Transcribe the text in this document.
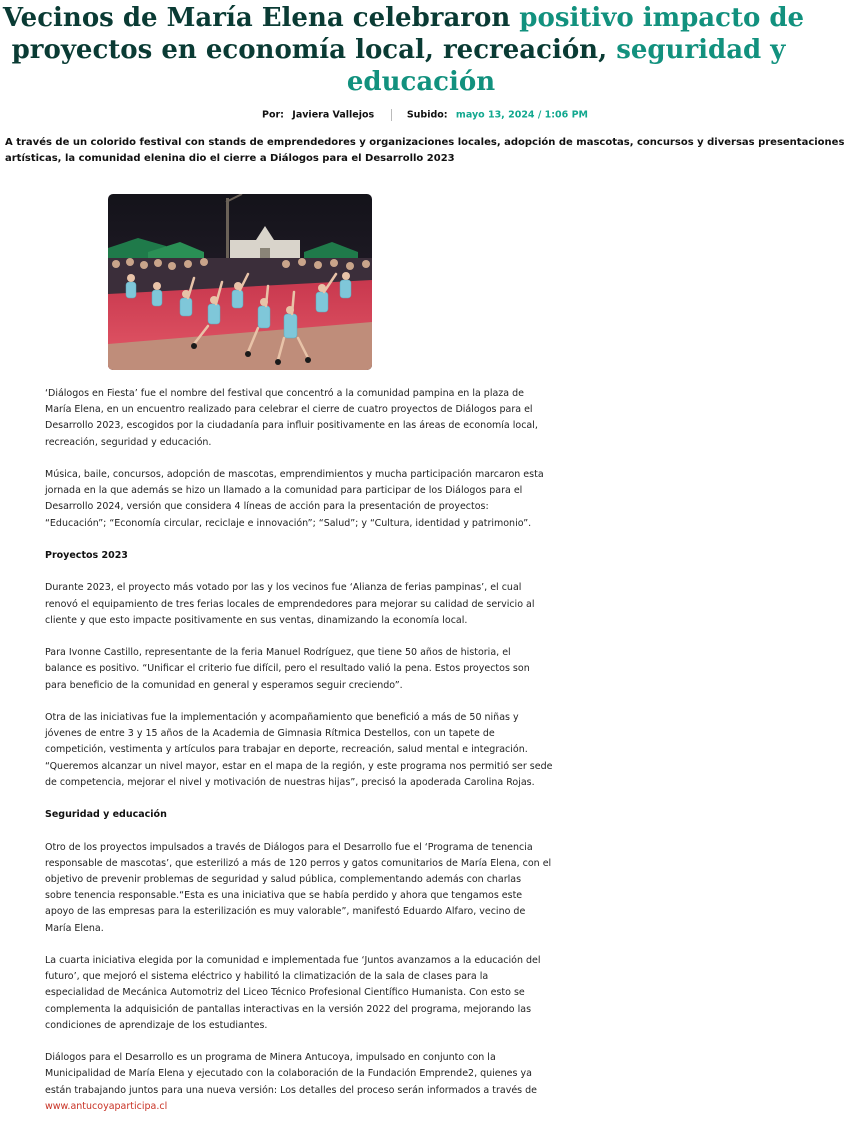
Vecinos de María Elena celebraron positivo impacto de
proyectos en economía local, recreación, seguridad y
educación
Por: Javiera Vallejos	Subido: mayo 13, 2024 / 1:06 PM

A través de un colorido festival con stands de emprendedores y organizaciones locales, adopción de mascotas, concursos y diversas presentaciones artísticas, la comunidad elenina dio el cierre a Diálogos para el Desarrollo 2023

‘Diálogos en Fiesta’ fue el nombre del festival que concentró a la comunidad pampina en la plaza de
María Elena, en un encuentro realizado para celebrar el cierre de cuatro proyectos de Diálogos para el
Desarrollo 2023, escogidos por la ciudadanía para influir positivamente en las áreas de economía local,
recreación, seguridad y educación.

Música, baile, concursos, adopción de mascotas, emprendimientos y mucha participación marcaron esta
jornada en la que además se hizo un llamado a la comunidad para participar de los Diálogos para el
Desarrollo 2024, versión que considera 4 líneas de acción para la presentación de proyectos:
“Educación”; “Economía circular, reciclaje e innovación”; “Salud”; y “Cultura, identidad y patrimonio”.

Proyectos 2023

Durante 2023, el proyecto más votado por las y los vecinos fue ‘Alianza de ferias pampinas’, el cual
renovó el equipamiento de tres ferias locales de emprendedores para mejorar su calidad de servicio al
cliente y que esto impacte positivamente en sus ventas, dinamizando la economía local.

Para Ivonne Castillo, representante de la feria Manuel Rodríguez, que tiene 50 años de historia, el
balance es positivo. “Unificar el criterio fue difícil, pero el resultado valió la pena. Estos proyectos son
para beneficio de la comunidad en general y esperamos seguir creciendo”.

Otra de las iniciativas fue la implementación y acompañamiento que benefició a más de 50 niñas y
jóvenes de entre 3 y 15 años de la Academia de Gimnasia Rítmica Destellos, con un tapete de
competición, vestimenta y artículos para trabajar en deporte, recreación, salud mental e integración.
“Queremos alcanzar un nivel mayor, estar en el mapa de la región, y este programa nos permitió ser sede
de competencia, mejorar el nivel y motivación de nuestras hijas”, precisó la apoderada Carolina Rojas.

Seguridad y educación

Otro de los proyectos impulsados a través de Diálogos para el Desarrollo fue el ‘Programa de tenencia
responsable de mascotas’, que esterilizó a más de 120 perros y gatos comunitarios de María Elena, con el
objetivo de prevenir problemas de seguridad y salud pública, complementando además con charlas
sobre tenencia responsable.“Esta es una iniciativa que se había perdido y ahora que tengamos este
apoyo de las empresas para la esterilización es muy valorable”, manifestó Eduardo Alfaro, vecino de
María Elena.

La cuarta iniciativa elegida por la comunidad e implementada fue ‘Juntos avanzamos a la educación del
futuro’, que mejoró el sistema eléctrico y habilitó la climatización de la sala de clases para la
especialidad de Mecánica Automotriz del Liceo Técnico Profesional Científico Humanista. Con esto se
complementa la adquisición de pantallas interactivas en la versión 2022 del programa, mejorando las
condiciones de aprendizaje de los estudiantes.

Diálogos para el Desarrollo es un programa de Minera Antucoya, impulsado en conjunto con la
Municipalidad de María Elena y ejecutado con la colaboración de la Fundación Emprende2, quienes ya
están trabajando juntos para una nueva versión: Los detalles del proceso serán informados a través de
www.antucoyaparticipa.cl
